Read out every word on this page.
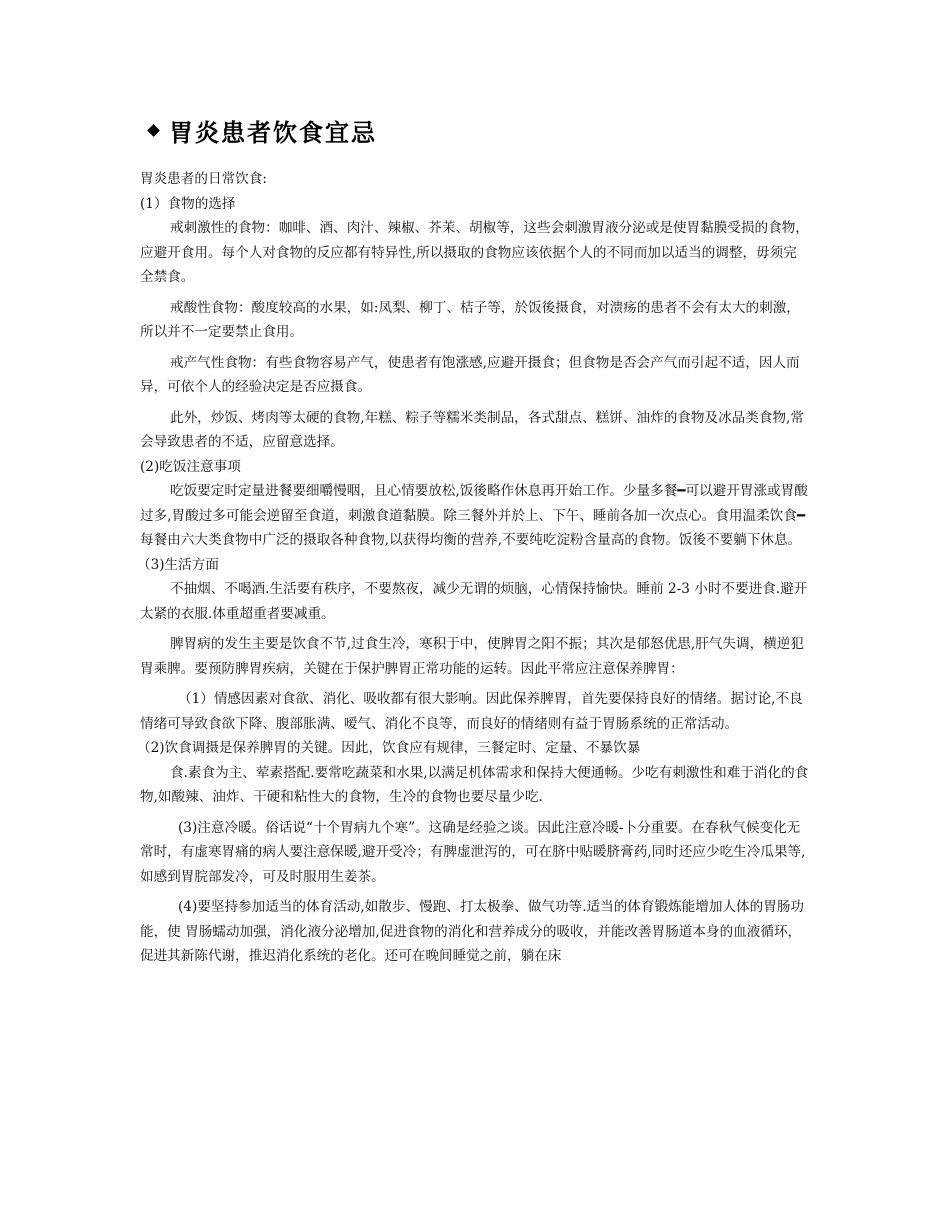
胃炎患者饮食宜忌

胃炎患者的日常饮食:

(1）食物的选择

戒刺激性的食物：咖啡、酒、肉汁、辣椒、芥茉、胡椒等，这些会刺激胃液分泌或是使胃黏膜受损的食物，应避开食用。每个人对食物的反应都有特异性,所以摄取的食物应该依据个人的不同而加以适当的调整，毋须完全禁食。

戒酸性食物：酸度较高的水果，如:凤梨、柳丁、桔子等，於饭後摄食，对溃疡的患者不会有太大的刺激，所以并不一定要禁止食用。

戒产气性食物：有些食物容易产气，使患者有饱涨感,应避开摄食；但食物是否会产气而引起不适，因人而异，可依个人的经验决定是否应摄食。

此外，炒饭、烤肉等太硬的食物,年糕、粽子等糯米类制品，各式甜点、糕饼、油炸的食物及冰品类食物,常会导致患者的不适，应留意选择。

(2)吃饭注意事项

吃饭要定时定量进餐要细嚼慢咽，且心情要放松,饭後略作休息再开始工作。少量多餐━可以避开胃涨或胃酸过多,胃酸过多可能会逆留至食道，刺激食道黏膜。除三餐外并於上、下午、睡前各加一次点心。食用温柔饮食━每餐由六大类食物中广泛的摄取各种食物,以获得均衡的营养,不要纯吃淀粉含量高的食物。饭後不要躺下休息。

（3)生活方面

不抽烟、不喝酒.生活要有秩序，不要熬夜，减少无谓的烦脑，心情保持愉快。睡前 2-3 小时不要进食.避开太紧的衣服.体重超重者要减重。

脾胃病的发生主要是饮食不节,过食生冷，寒积于中，使脾胃之阳不振；其次是郁怒优思,肝气失调，横逆犯胃乘脾。要预防脾胃疾病，关键在于保护脾胃正常功能的运转。因此平常应注意保养脾胃：

（1）情感因素对食欲、消化、吸收都有很大影响。因此保养脾胃，首先要保持良好的情绪。据讨论,不良情绪可导致食欲下降、腹部胀满、嗳气、消化不良等，而良好的情绪则有益于胃肠系统的正常活动。

（2)饮食调摄是保养脾胃的关键。因此，饮食应有规律，三餐定时、定量、不暴饮暴

食.素食为主、荤素搭配.要常吃蔬菜和水果,以满足机体需求和保持大便通畅。少吃有刺激性和难于消化的食物,如酸辣、油炸、干硬和粘性大的食物，生冷的食物也要尽量少吃.

(3)注意冷暖。俗话说“十个胃病九个寒”。这确是经验之谈。因此注意冷暖-卜分重要。在春秋气候变化无常时，有虚寒胃痛的病人要注意保暖,避开受冷；有脾虚泄泻的，可在脐中贴暖脐膏药,同时还应少吃生冷瓜果等,如感到胃脘部发冷，可及时服用生姜茶。

(4)要坚持参加适当的体育活动,如散步、慢跑、打太极拳、做气功等.适当的体育锻炼能增加人体的胃肠功能，使 胃肠蠕动加强，消化液分泌增加,促进食物的消化和营养成分的吸收，并能改善胃肠道本身的血液循环，促进其新陈代谢，推迟消化系统的老化。还可在晚间睡觉之前，躺在床
